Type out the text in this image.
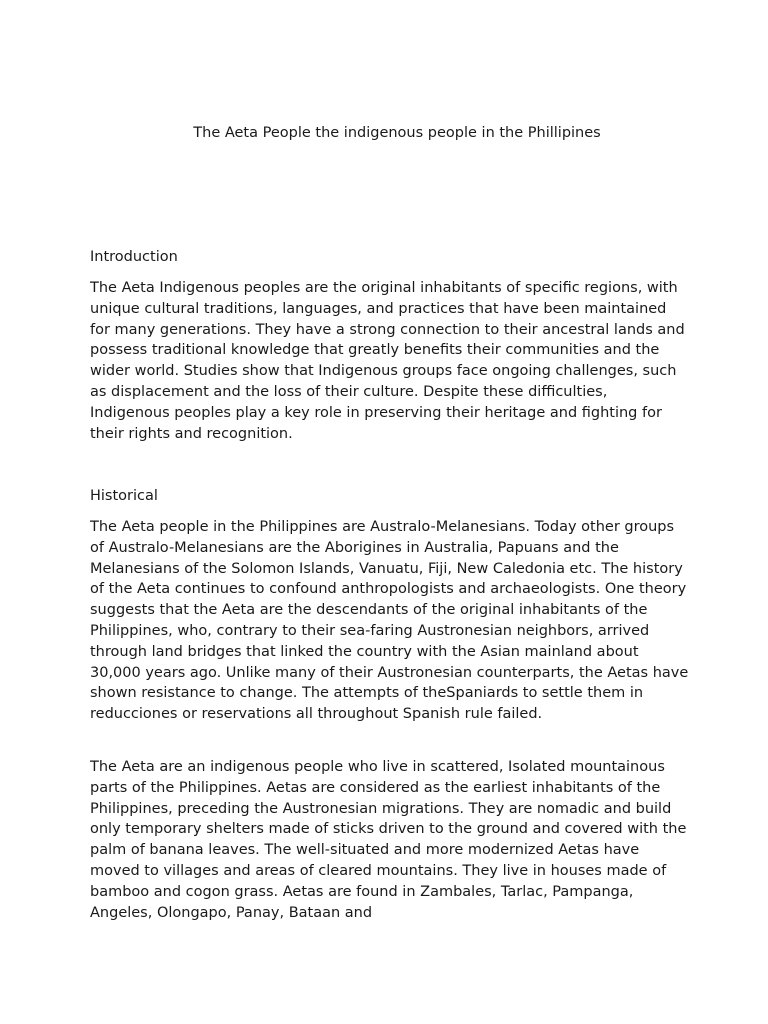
The Aeta People the indigenous people in the Phillipines
Introduction

The Aeta Indigenous peoples are the original inhabitants of specific regions, with unique cultural traditions, languages, and practices that have been maintained for many generations. They have a strong connection to their ancestral lands and possess traditional knowledge that greatly benefits their communities and the wider world. Studies show that Indigenous groups face ongoing challenges, such as displacement and the loss of their culture. Despite these difficulties, Indigenous peoples play a key role in preserving their heritage and fighting for their rights and recognition.

Historical

The Aeta people in the Philippines are Australo-Melanesians. Today other groups of Australo-Melanesians are the Aborigines in Australia, Papuans and the Melanesians of the Solomon Islands, Vanuatu, Fiji, New Caledonia etc. The history of the Aeta continues to confound anthropologists and archaeologists. One theory suggests that the Aeta are the descendants of the original inhabitants of the Philippines, who, contrary to their sea-faring Austronesian neighbors, arrived through land bridges that linked the country with the Asian mainland about 30,000 years ago. Unlike many of their Austronesian counterparts, the Aetas have shown resistance to change. The attempts of theSpaniards to settle them in reducciones or reservations all throughout Spanish rule failed.

The Aeta are an indigenous people who live in scattered, Isolated mountainous parts of the Philippines. Aetas are considered as the earliest inhabitants of the Philippines, preceding the Austronesian migrations. They are nomadic and build only temporary shelters made of sticks driven to the ground and covered with the palm of banana leaves. The well-situated and more modernized Aetas have moved to villages and areas of cleared mountains. They live in houses made of bamboo and cogon grass. Aetas are found in Zambales, Tarlac, Pampanga, Angeles, Olongapo, Panay, Bataan and
